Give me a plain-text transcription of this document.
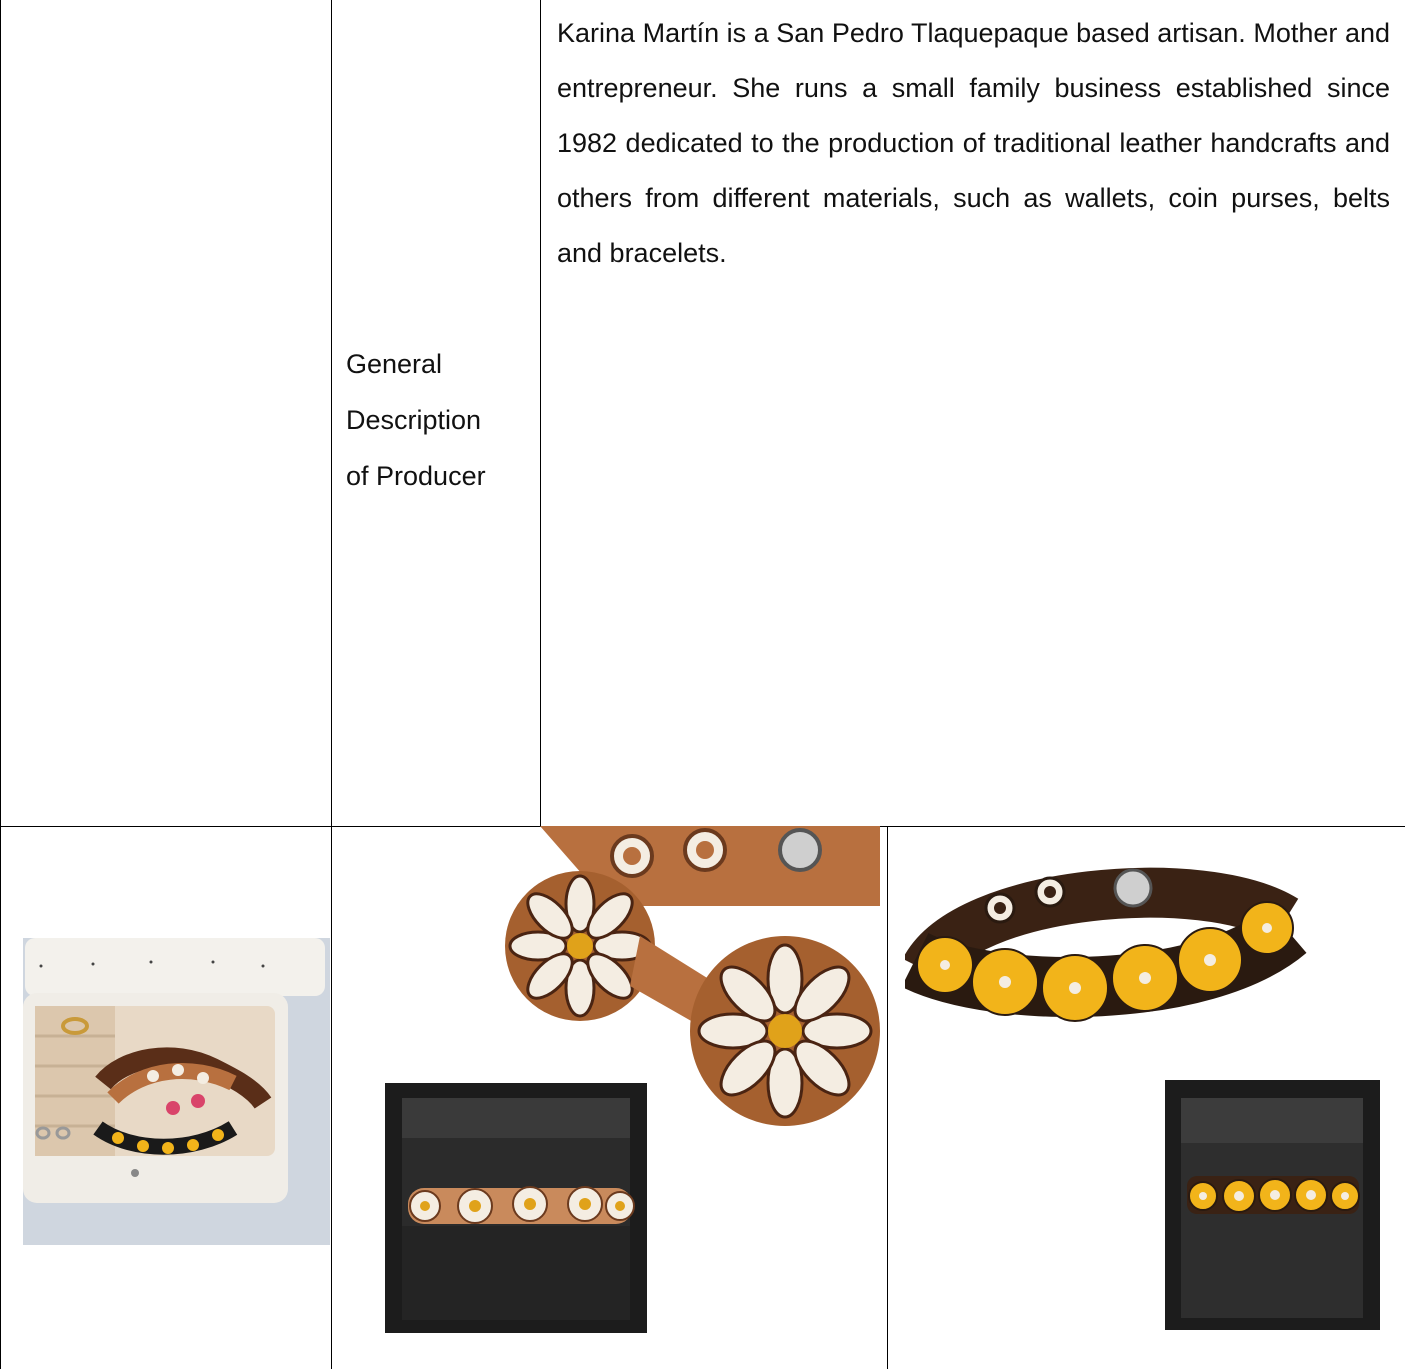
General
Description
of Producer

Karina Martín is a San Pedro Tlaquepaque based artisan. Mother and entrepreneur. She runs a small family business established since 1982 dedicated to the production of traditional leather handcrafts and others from different materials, such as wallets, coin purses, belts and bracelets.
